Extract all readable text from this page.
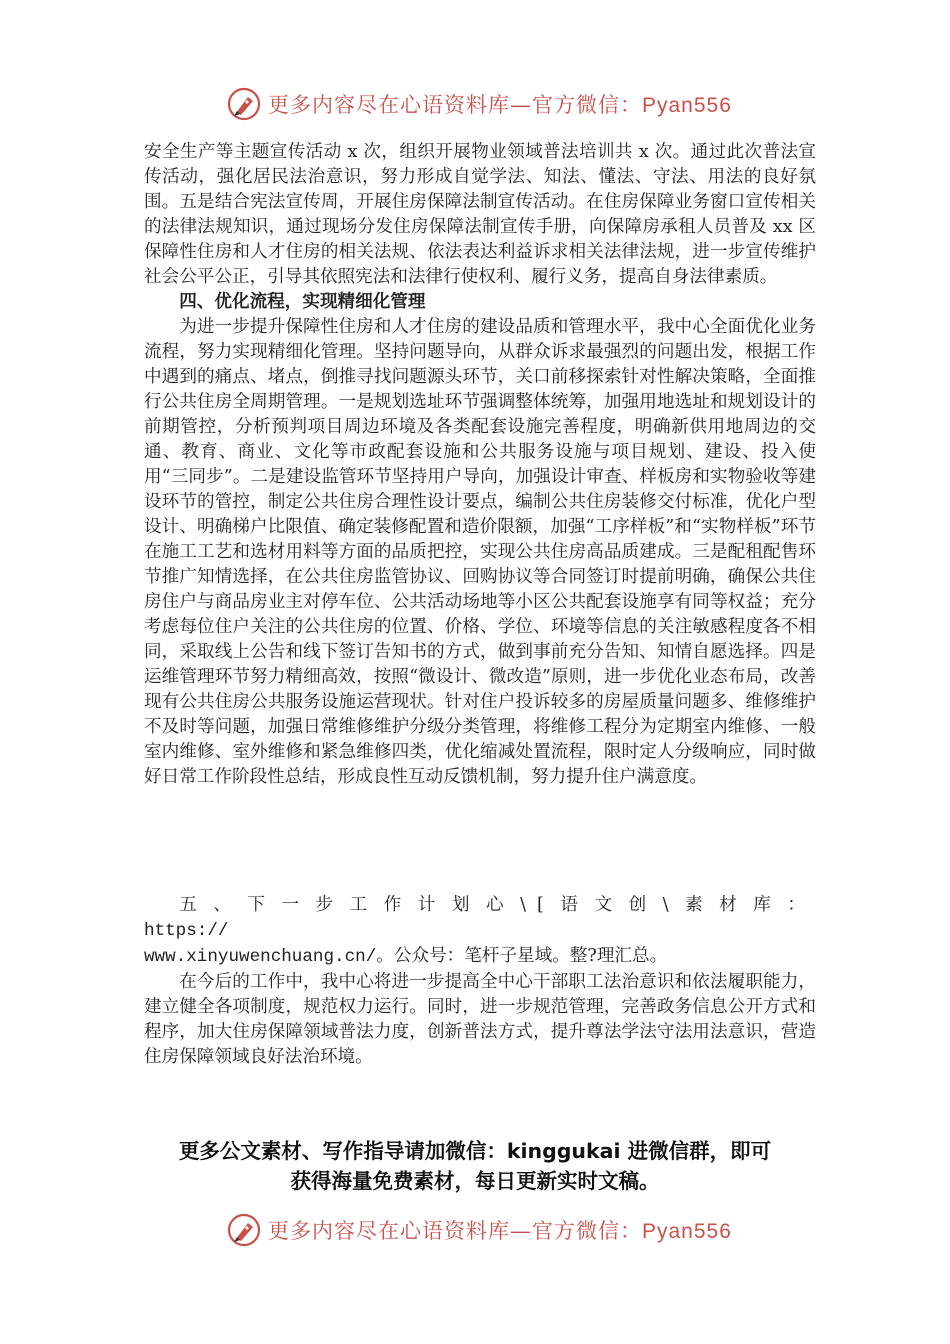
更多内容尽在心语资料库—官方微信：Pyan556

安全生产等主题宣传活动 x 次，组织开展物业领域普法培训共 x 次。通过此次普法宣传活动，强化居民法治意识，努力形成自觉学法、知法、懂法、守法、用法的良好氛围。五是结合宪法宣传周，开展住房保障法制宣传活动。在住房保障业务窗口宣传相关的法律法规知识，通过现场分发住房保障法制宣传手册，向保障房承租人员普及 xx 区保障性住房和人才住房的相关法规、依法表达利益诉求相关法律法规，进一步宣传维护社会公平公正，引导其依照宪法和法律行使权利、履行义务，提高自身法律素质。

四、优化流程，实现精细化管理

为进一步提升保障性住房和人才住房的建设品质和管理水平，我中心全面优化业务流程，努力实现精细化管理。坚持问题导向，从群众诉求最强烈的问题出发，根据工作中遇到的痛点、堵点，倒推寻找问题源头环节，关口前移探索针对性解决策略，全面推行公共住房全周期管理。一是规划选址环节强调整体统筹，加强用地选址和规划设计的前期管控，分析预判项目周边环境及各类配套设施完善程度，明确新供用地周边的交通、教育、商业、文化等市政配套设施和公共服务设施与项目规划、建设、投入使用“三同步”。二是建设监管环节坚持用户导向，加强设计审查、样板房和实物验收等建设环节的管控，制定公共住房合理性设计要点，编制公共住房装修交付标准，优化户型设计、明确梯户比限值、确定装修配置和造价限额，加强“工序样板”和“实物样板”环节在施工工艺和选材用料等方面的品质把控，实现公共住房高品质建成。三是配租配售环节推广知情选择，在公共住房监管协议、回购协议等合同签订时提前明确，确保公共住房住户与商品房业主对停车位、公共活动场地等小区公共配套设施享有同等权益；充分考虑每位住户关注的公共住房的位置、价格、学位、环境等信息的关注敏感程度各不相同，采取线上公告和线下签订告知书的方式，做到事前充分告知、知情自愿选择。四是运维管理环节努力精细高效，按照“微设计、微改造”原则，进一步优化业态布局，改善现有公共住房公共服务设施运营现状。针对住户投诉较多的房屋质量问题多、维修维护不及时等问题，加强日常维修维护分级分类管理，将维修工程分为定期室内维修、一般室内维修、室外维修和紧急维修四类，优化缩减处置流程，限时定人分级响应，同时做好日常工作阶段性总结，形成良性互动反馈机制，努力提升住户满意度。

五、下一步工作计划心\[语文创\素材库： https://

www.xinyuwenchuang.cn/。公众号：笔杆子星域。整?理汇总。

在今后的工作中，我中心将进一步提高全中心干部职工法治意识和依法履职能力，建立健全各项制度，规范权力运行。同时，进一步规范管理，完善政务信息公开方式和程序，加大住房保障领域普法力度，创新普法方式，提升尊法学法守法用法意识，营造住房保障领域良好法治环境。

更多公文素材、写作指导请加微信：kinggukai 进微信群，即可
获得海量免费素材，每日更新实时文稿。
更多内容尽在心语资料库—官方微信：Pyan556
